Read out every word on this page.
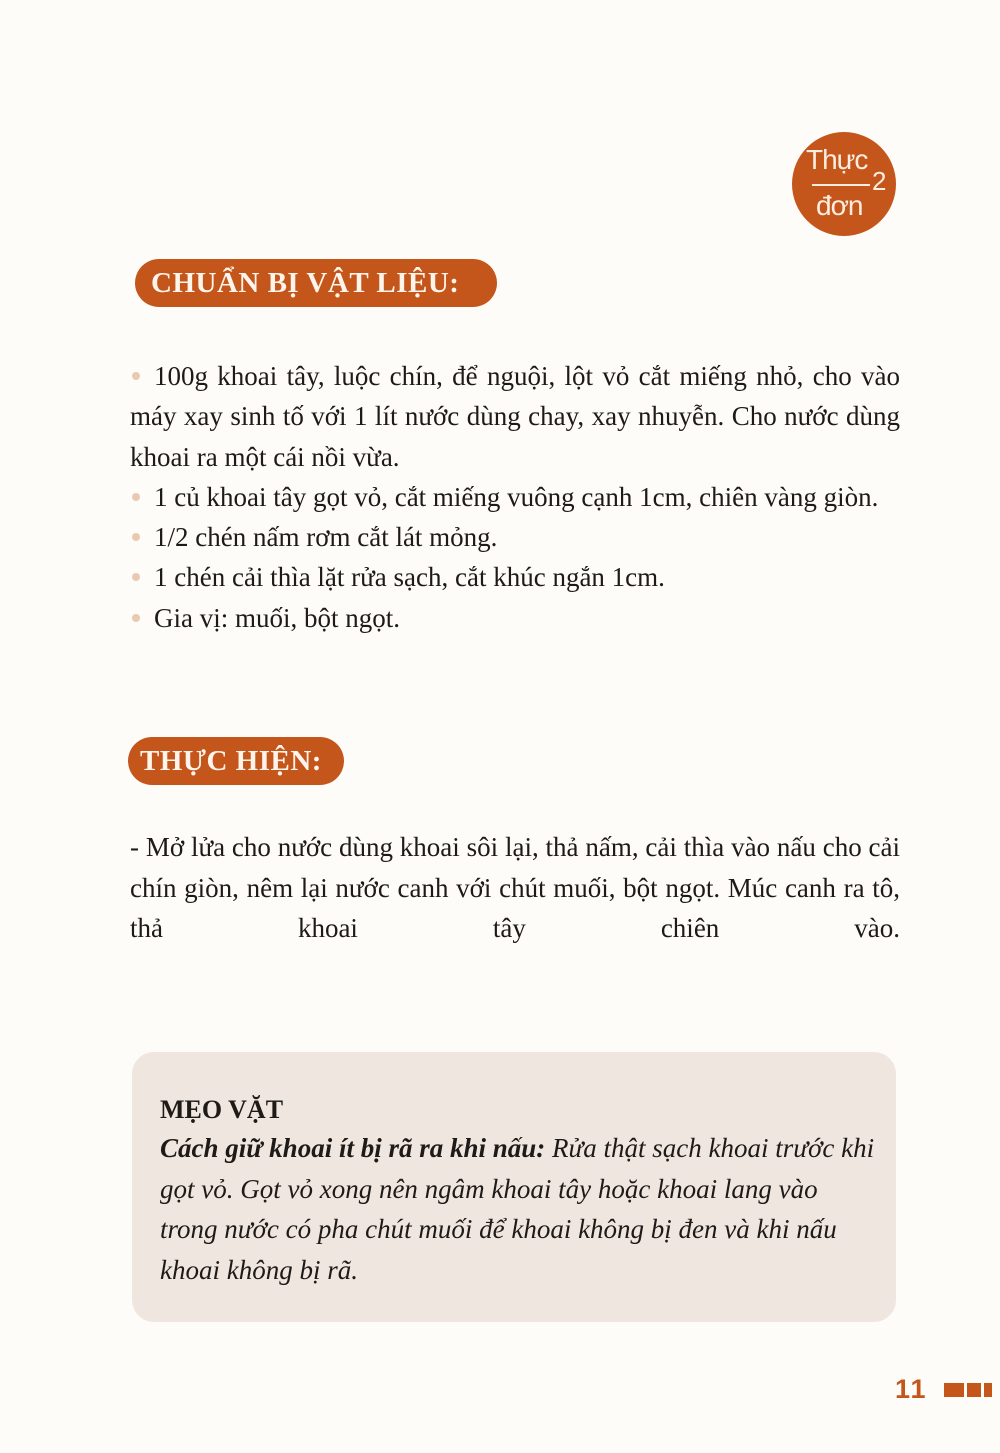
Thực
đơn
2
CHUẨN BỊ VẬT LIỆU:
100g khoai tây, luộc chín, để nguội, lột vỏ cắt miếng nhỏ, cho vào máy xay sinh tố với 1 lít nước dùng chay, xay nhuyễn. Cho nước dùng khoai ra một cái nồi vừa.
1 củ khoai tây gọt vỏ, cắt miếng vuông cạnh 1cm, chiên vàng giòn.
1/2 chén nấm rơm cắt lát mỏng.
1 chén cải thìa lặt rửa sạch, cắt khúc ngắn 1cm.
Gia vị: muối, bột ngọt.
THỰC HIỆN:

- Mở lửa cho nước dùng khoai sôi lại, thả nấm, cải thìa vào nấu cho cải chín giòn, nêm lại nước canh với chút muối, bột ngọt. Múc canh ra tô, thả khoai tây chiên vào.

MẸO VẶT

Cách giữ khoai ít bị rã ra khi nấu: Rửa thật sạch khoai trước khi gọt vỏ. Gọt vỏ xong nên ngâm khoai tây hoặc khoai lang vào trong nước có pha chút muối để khoai không bị đen và khi nấu khoai không bị rã.

11
